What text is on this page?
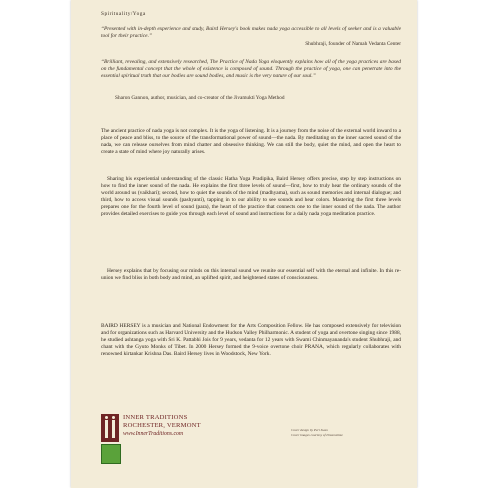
Spirituality/Yoga
“Presented with in-depth experience and study, Baird Hersey's book makes nada yoga accessible to all levels of seeker and is a valuable tool for their practice.”
Shubhraji, founder of Namah Vedanta Center
“Brilliant, revealing, and extensively researched, The Practice of Nada Yoga eloquently explains how all of the yoga practices are based on the fundamental concept that the whole of existence is composed of sound. Through the practice of yoga, one can penetrate into the essential spiritual truth that our bodies are sound bodies, and music is the very nature of our soul.”
Sharon Gannon, author, musician, and co-creator of the Jivamukti Yoga Method
The ancient practice of nada yoga is not complex. It is the yoga of listening. It is a journey from the noise of the external world inward to a place of peace and bliss, to the source of the transformational power of sound—the nada. By meditating on the inner sacred sound of the nada, we can release ourselves from mind chatter and obsessive thinking. We can still the body, quiet the mind, and open the heart to create a state of mind where joy naturally arises.
Sharing his experiential understanding of the classic Hatha Yoga Pradipika, Baird Hersey offers precise, step by step instructions on how to find the inner sound of the nada. He explains the first three levels of sound—first, how to truly hear the ordinary sounds of the world around us (vaikhari); second, how to quiet the sounds of the mind (madhyama), such as sound memories and internal dialogue; and third, how to access visual sounds (pashyanti), tapping in to our ability to see sounds and hear colors. Mastering the first three levels prepares one for the fourth level of sound (para), the heart of the practice that connects one to the inner sound of the nada. The author provides detailed exercises to guide you through each level of sound and instructions for a daily nada yoga meditation practice.
Hersey explains that by focusing our minds on this internal sound we reunite our essential self with the eternal and infinite. In this re-union we find bliss in both body and mind, an uplifted spirit, and heightened states of consciousness.
BAIRD HERSEY is a musician and National Endowment for the Arts Composition Fellow. He has composed extensively for television and for organizations such as Harvard University and the Hudson Valley Philharmonic. A student of yoga and overtone singing since 1988, he studied ashtanga yoga with Sri K. Pattabhi Jois for 9 years, vedanta for 12 years with Swami Chinmayananda's student Shubhraji, and chant with the Gyuto Monks of Tibet. In 2000 Hersey formed the 9-voice overtone choir PRANA, which regularly collaborates with renowned kirtankar Krishna Das. Baird Hersey lives in Woodstock, New York.
INNER TRADITIONS
ROCHESTER, VERMONT
www.InnerTraditions.com
Cover design by Peri Swan
Cover images courtesy of Dreamstime
